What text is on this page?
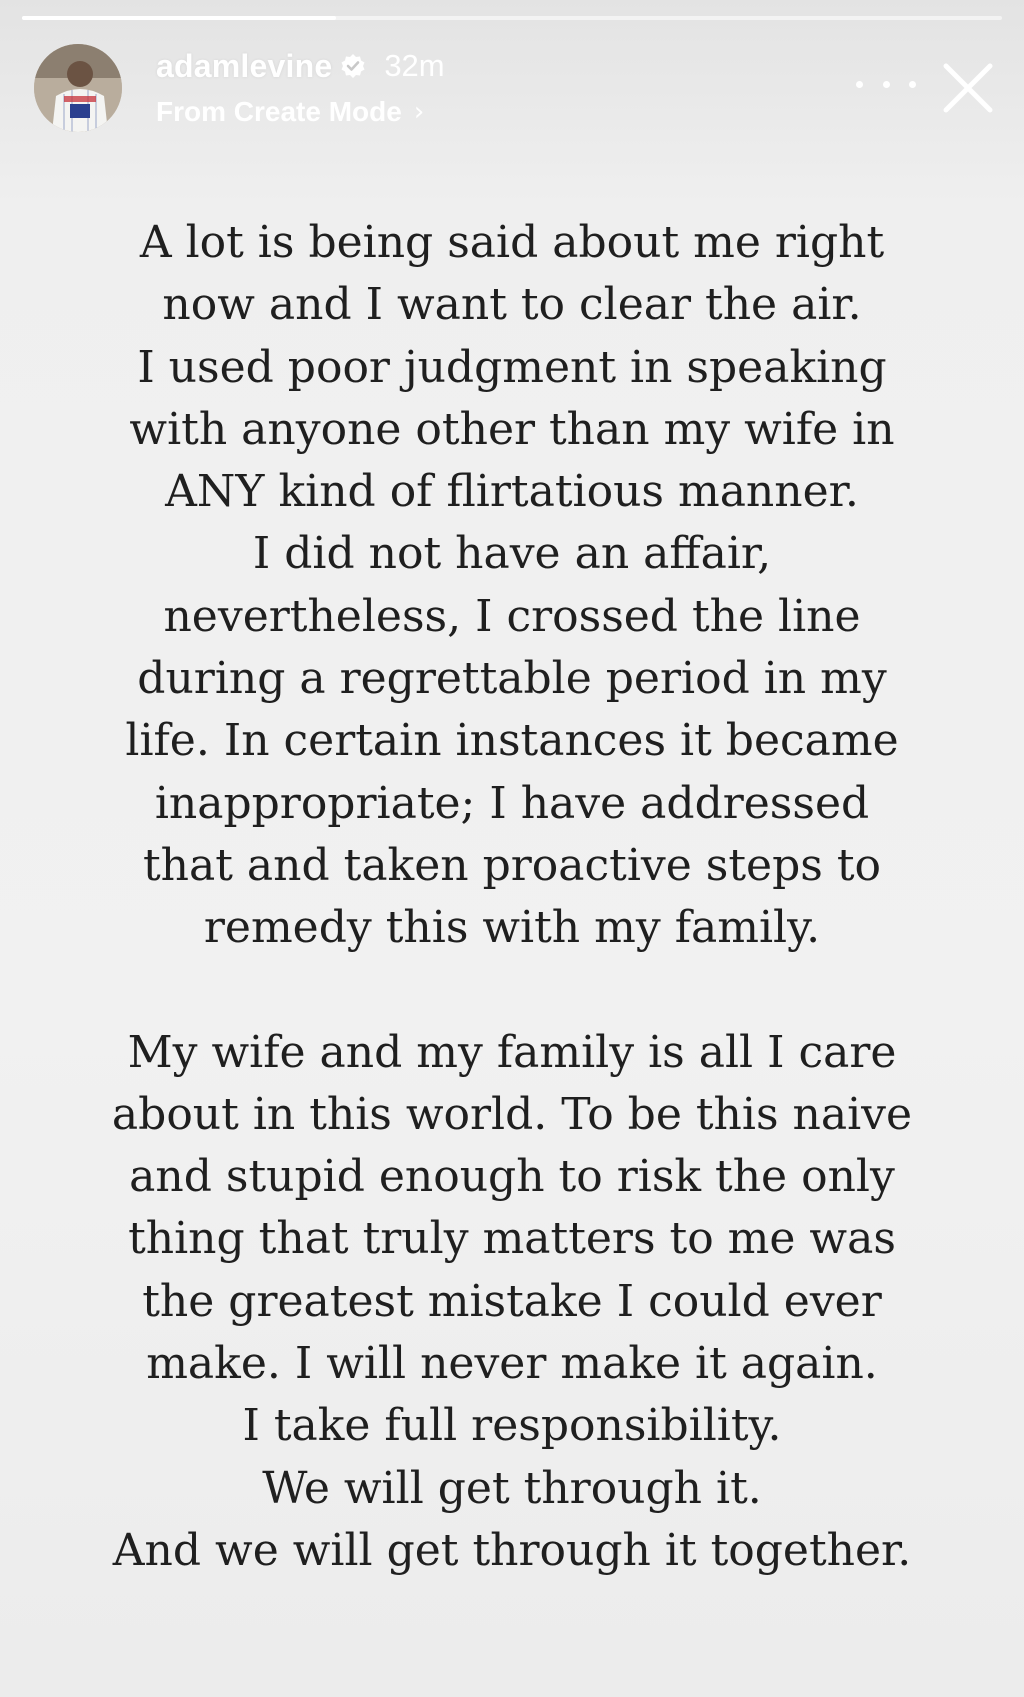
adamlevine 32m
From Create Mode ›
A lot is being said about me right
now and I want to clear the air.
I used poor judgment in speaking
with anyone other than my wife in
ANY kind of flirtatious manner.
I did not have an affair,
nevertheless, I crossed the line
during a regrettable period in my
life. In certain instances it became
inappropriate; I have addressed
that and taken proactive steps to
remedy this with my family.
My wife and my family is all I care
about in this world. To be this naive
and stupid enough to risk the only
thing that truly matters to me was
the greatest mistake I could ever
make. I will never make it again.
I take full responsibility.
We will get through it.
And we will get through it together.
